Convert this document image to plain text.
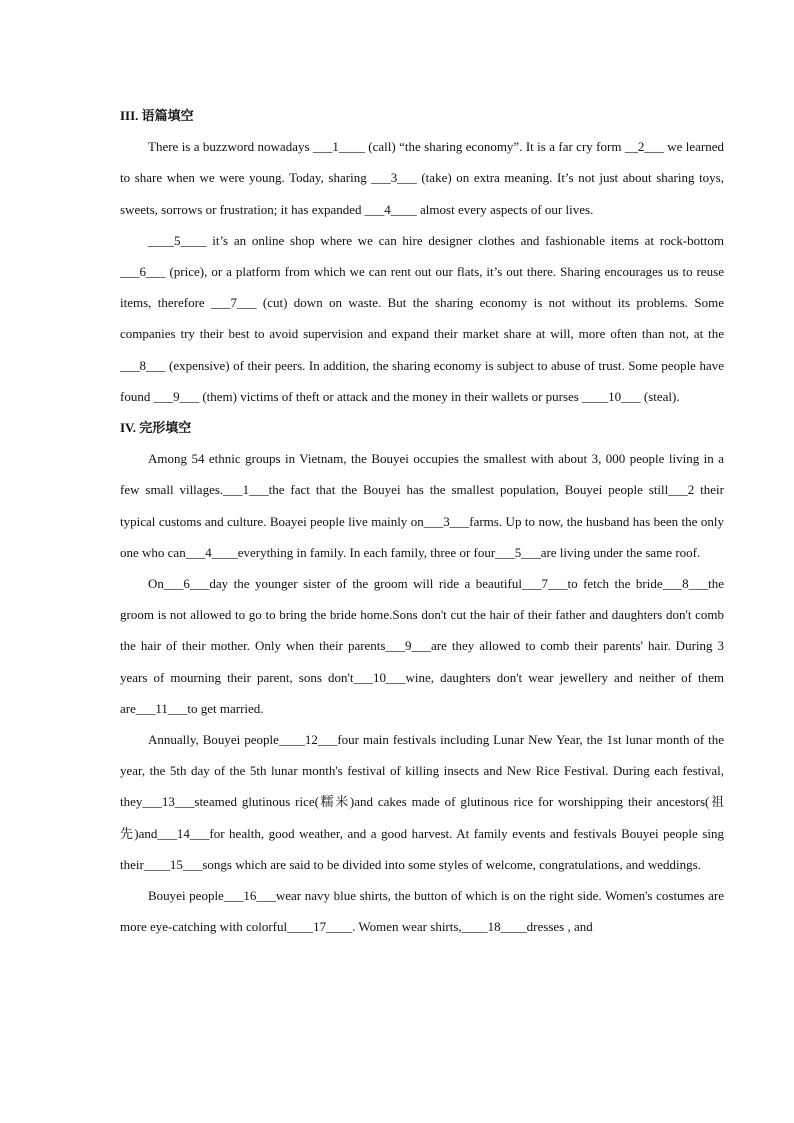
III. 语篇填空

There is a buzzword nowadays ___1____ (call) “the sharing economy”. It is a far cry form __2___ we learned to share when we were young. Today, sharing ___3___ (take) on extra meaning. It’s not just about sharing toys, sweets, sorrows or frustration; it has expanded ___4____ almost every aspects of our lives.

____5____ it’s an online shop where we can hire designer clothes and fashionable items at rock-bottom ___6___ (price), or a platform from which we can rent out our flats, it’s out there. Sharing encourages us to reuse items, therefore ___7___ (cut) down on waste. But the sharing economy is not without its problems. Some companies try their best to avoid supervision and expand their market share at will, more often than not, at the ___8___ (expensive) of their peers. In addition, the sharing economy is subject to abuse of trust. Some people have found ___9___ (them) victims of theft or attack and the money in their wallets or purses ____10___ (steal).

IV. 完形填空

Among 54 ethnic groups in Vietnam, the Bouyei occupies the smallest with about 3, 000 people living in a few small villages.___1___the fact that the Bouyei has the smallest population, Bouyei people still___2 their typical customs and culture. Boayei people live mainly on___3___farms. Up to now, the husband has been the only one who can___4____everything in family. In each family, three or four___5___are living under the same roof.

On___6___day the younger sister of the groom will ride a beautiful___7___to fetch the bride___8___the groom is not allowed to go to bring the bride home.Sons don't cut the hair of their father and daughters don't comb the hair of their mother. Only when their parents___9___are they allowed to comb their parents' hair. During 3 years of mourning their parent, sons don't___10___wine, daughters don't wear jewellery and neither of them are___11___to get married.

Annually, Bouyei people____12___four main festivals including Lunar New Year, the 1st lunar month of the year, the 5th day of the 5th lunar month's festival of killing insects and New Rice Festival. During each festival, they___13___steamed glutinous rice(糯米)and cakes made of glutinous rice for worshipping their ancestors(祖先)and___14___for health, good weather, and a good harvest. At family events and festivals Bouyei people sing their____15___songs which are said to be divided into some styles of welcome, congratulations, and weddings.

Bouyei people___16___wear navy blue shirts, the button of which is on the right side. Women's costumes are more eye-catching with colorful____17____. Women wear shirts,____18____dresses , and
